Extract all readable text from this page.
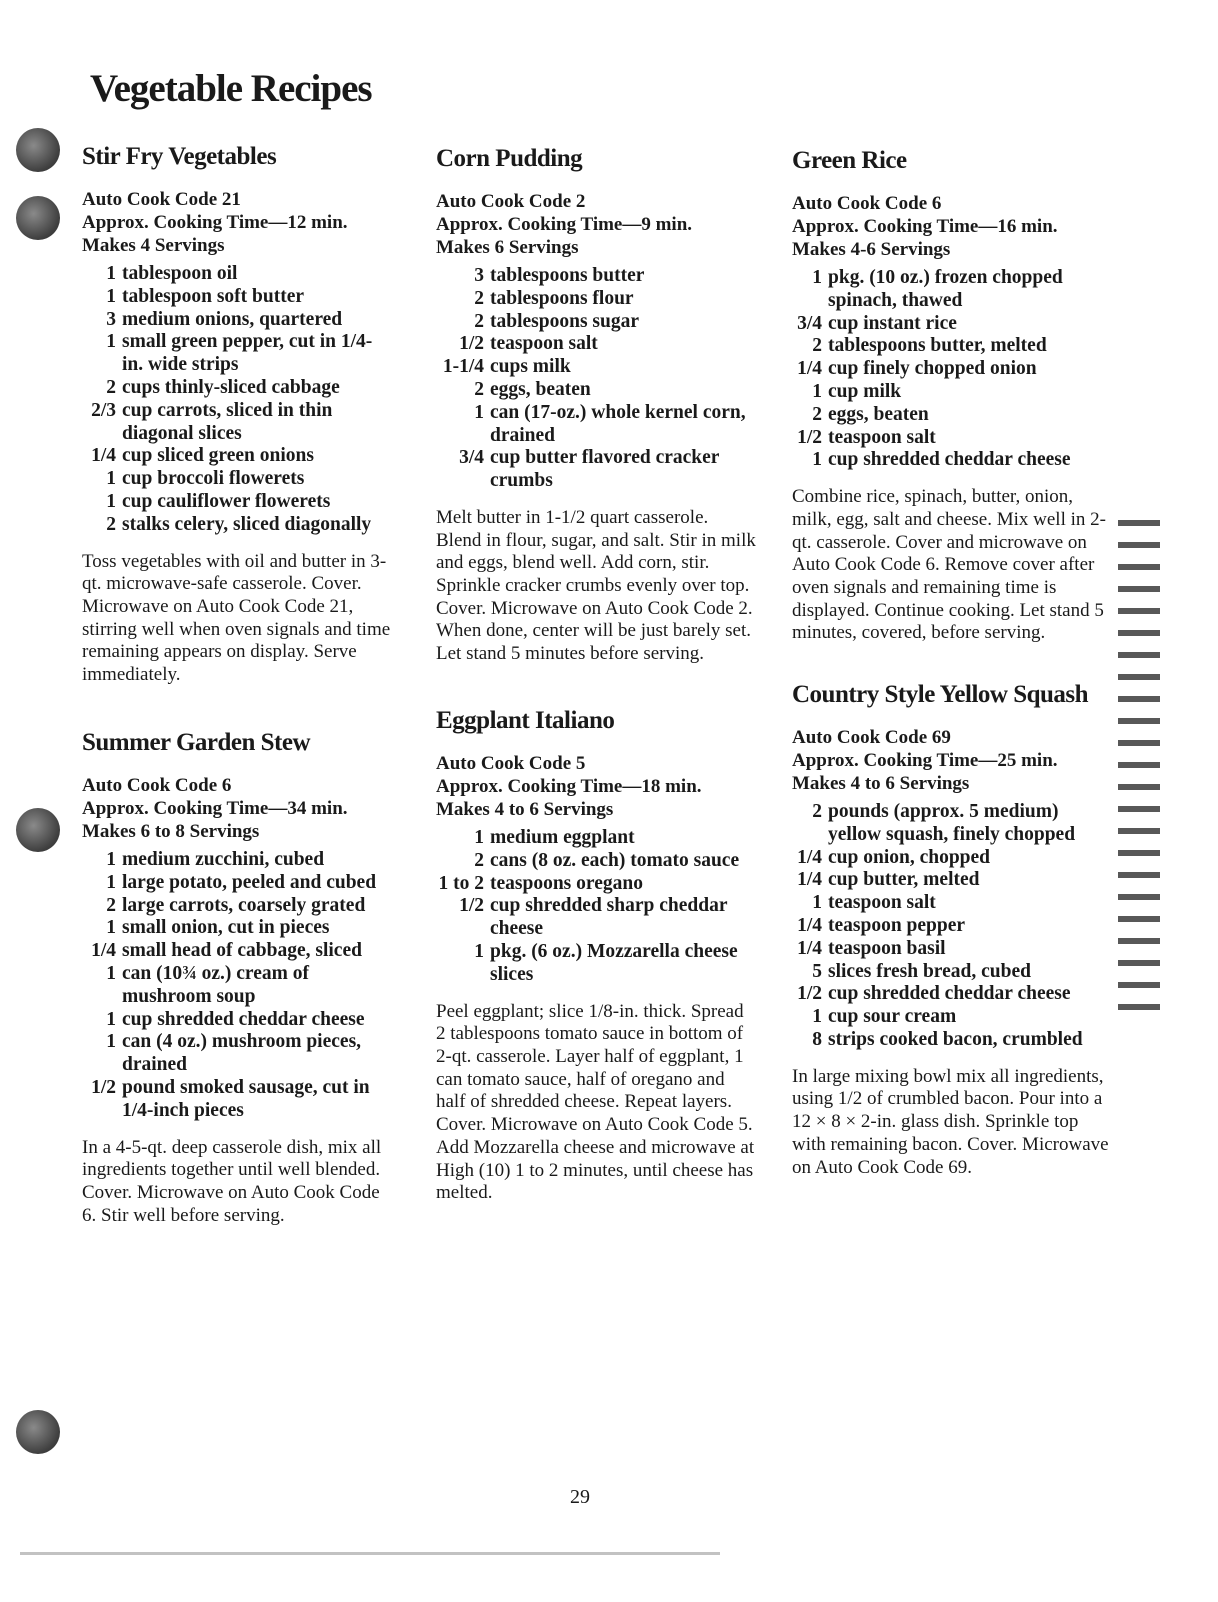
Vegetable Recipes
Stir Fry Vegetables
Auto Cook Code 21
Approx. Cooking Time—12 min.
Makes 4 Servings
1 tablespoon oil
1 tablespoon soft butter
3 medium onions, quartered
1 small green pepper, cut in 1/4-in. wide strips
2 cups thinly-sliced cabbage
2/3 cup carrots, sliced in thin diagonal slices
1/4 cup sliced green onions
1 cup broccoli flowerets
1 cup cauliflower flowerets
2 stalks celery, sliced diagonally

Toss vegetables with oil and butter in 3-qt. microwave-safe casserole. Cover. Microwave on Auto Cook Code 21, stirring well when oven signals and time remaining appears on display. Serve immediately.

Summer Garden Stew
Auto Cook Code 6
Approx. Cooking Time—34 min.
Makes 6 to 8 Servings
1 medium zucchini, cubed
1 large potato, peeled and cubed
2 large carrots, coarsely grated
1 small onion, cut in pieces
1/4 small head of cabbage, sliced
1 can (10¾ oz.) cream of mushroom soup
1 cup shredded cheddar cheese
1 can (4 oz.) mushroom pieces, drained
1/2 pound smoked sausage, cut in 1/4-inch pieces

In a 4-5-qt. deep casserole dish, mix all ingredients together until well blended. Cover. Microwave on Auto Cook Code 6. Stir well before serving.

Corn Pudding
Auto Cook Code 2
Approx. Cooking Time—9 min.
Makes 6 Servings
3 tablespoons butter
2 tablespoons flour
2 tablespoons sugar
1/2 teaspoon salt
1-1/4 cups milk
2 eggs, beaten
1 can (17-oz.) whole kernel corn, drained
3/4 cup butter flavored cracker crumbs

Melt butter in 1-1/2 quart casserole. Blend in flour, sugar, and salt. Stir in milk and eggs, blend well. Add corn, stir. Sprinkle cracker crumbs evenly over top. Cover. Microwave on Auto Cook Code 2. When done, center will be just barely set. Let stand 5 minutes before serving.

Eggplant Italiano
Auto Cook Code 5
Approx. Cooking Time—18 min.
Makes 4 to 6 Servings
1 medium eggplant
2 cans (8 oz. each) tomato sauce
1 to 2 teaspoons oregano
1/2 cup shredded sharp cheddar cheese
1 pkg. (6 oz.) Mozzarella cheese slices

Peel eggplant; slice 1/8-in. thick. Spread 2 tablespoons tomato sauce in bottom of 2-qt. casserole. Layer half of eggplant, 1 can tomato sauce, half of oregano and half of shredded cheese. Repeat layers. Cover. Microwave on Auto Cook Code 5. Add Mozzarella cheese and microwave at High (10) 1 to 2 minutes, until cheese has melted.

Green Rice
Auto Cook Code 6
Approx. Cooking Time—16 min.
Makes 4-6 Servings
1 pkg. (10 oz.) frozen chopped spinach, thawed
3/4 cup instant rice
2 tablespoons butter, melted
1/4 cup finely chopped onion
1 cup milk
2 eggs, beaten
1/2 teaspoon salt
1 cup shredded cheddar cheese

Combine rice, spinach, butter, onion, milk, egg, salt and cheese. Mix well in 2-qt. casserole. Cover and microwave on Auto Cook Code 6. Remove cover after oven signals and remaining time is displayed. Continue cooking. Let stand 5 minutes, covered, before serving.

Country Style Yellow Squash
Auto Cook Code 69
Approx. Cooking Time—25 min.
Makes 4 to 6 Servings
2 pounds (approx. 5 medium) yellow squash, finely chopped
1/4 cup onion, chopped
1/4 cup butter, melted
1 teaspoon salt
1/4 teaspoon pepper
1/4 teaspoon basil
5 slices fresh bread, cubed
1/2 cup shredded cheddar cheese
1 cup sour cream
8 strips cooked bacon, crumbled

In large mixing bowl mix all ingredients, using 1/2 of crumbled bacon. Pour into a 12 × 8 × 2-in. glass dish. Sprinkle top with remaining bacon. Cover. Microwave on Auto Cook Code 69.

29
